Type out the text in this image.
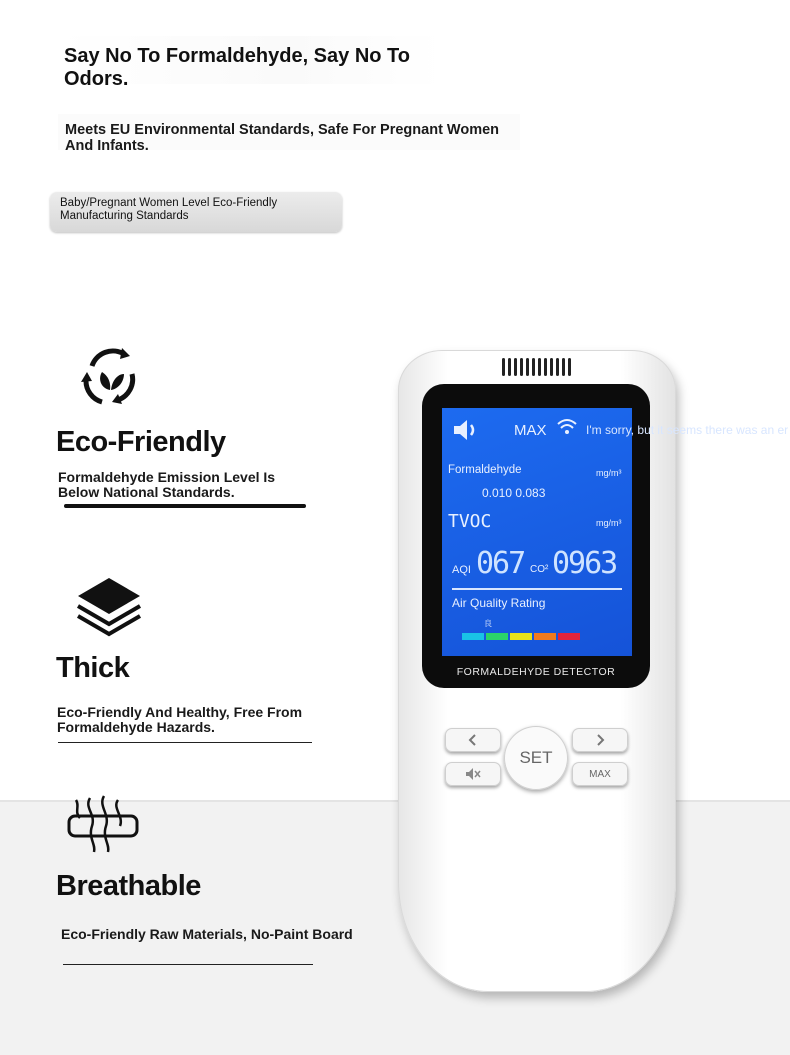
Say No To Formaldehyde, Say No To Odors.
Meets EU Environmental Standards, Safe For Pregnant Women And Infants.
Baby/Pregnant Women Level Eco-Friendly
Manufacturing Standards
Eco-Friendly
Formaldehyde Emission Level Is
Below National Standards.
Thick
Eco-Friendly And Healthy, Free From
Formaldehyde Hazards.
Breathable
Eco-Friendly Raw Materials, No-Paint Board
MAX	I'm sorry, but it seems there was an er
Formaldehyde	mg/m³
0.010 0.083
TVOC	mg/m³
AQI 067 CO² 0963
Air Quality Rating
良
FORMALDEHYDE DETECTOR
SET
MAX
